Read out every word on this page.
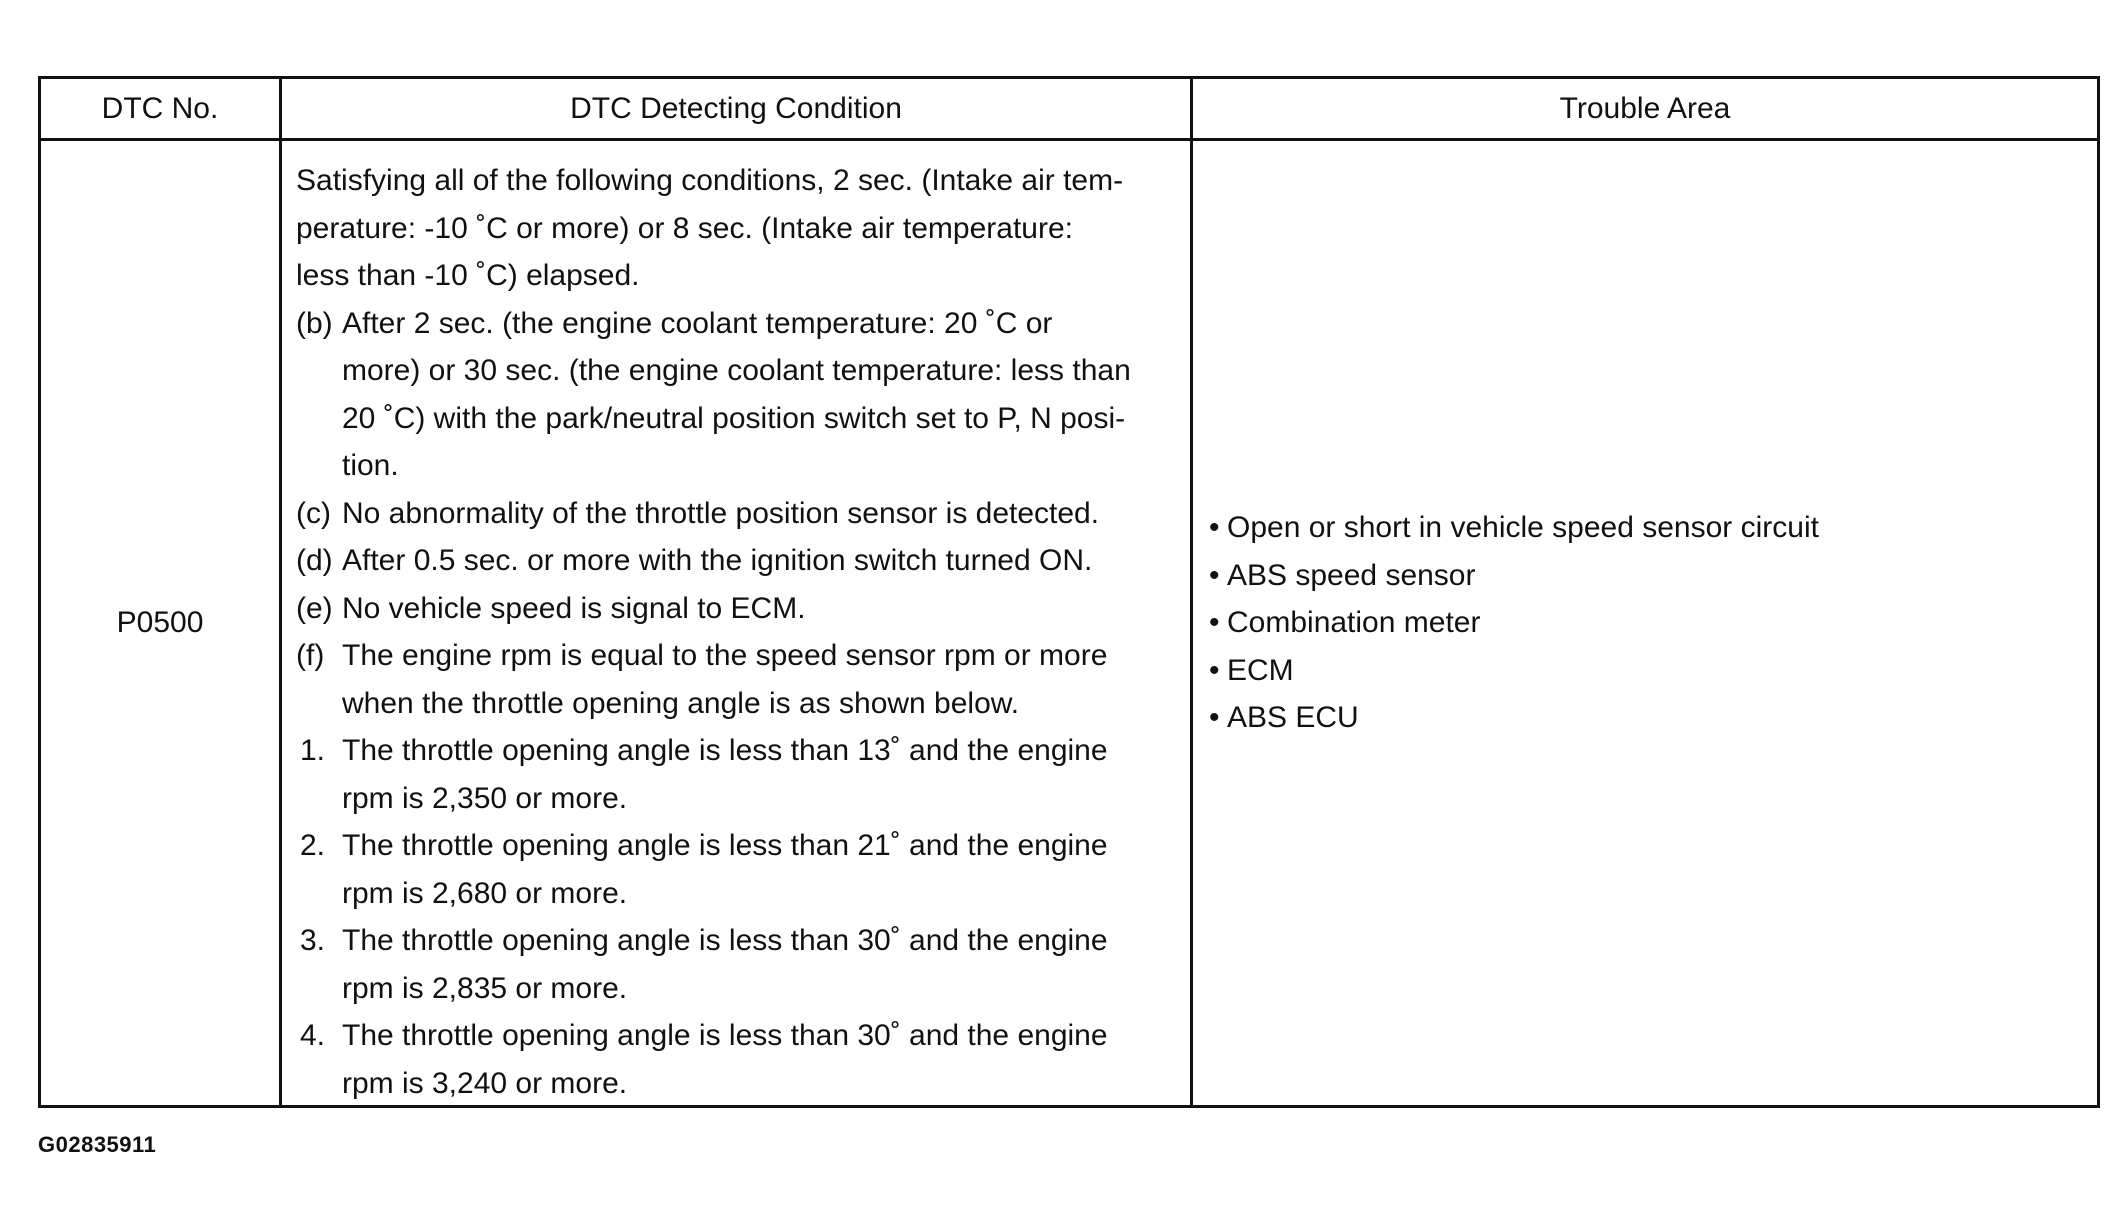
DTC No.	DTC Detecting Condition	Trouble Area
P0500
Satisfying all of the following conditions, 2 sec. (Intake air tem-
perature: -10 ˚C or more) or 8 sec. (Intake air temperature:
less than -10 ˚C) elapsed.
(b) After 2 sec. (the engine coolant temperature: 20 ˚C or
more) or 30 sec. (the engine coolant temperature: less than
20 ˚C) with the park/neutral position switch set to P, N posi-
tion.
(c) No abnormality of the throttle position sensor is detected.
(d) After 0.5 sec. or more with the ignition switch turned ON.
(e) No vehicle speed is signal to ECM.
(f) The engine rpm is equal to the speed sensor rpm or more
when the throttle opening angle is as shown below.
1. The throttle opening angle is less than 13˚ and the engine
rpm is 2,350 or more.
2. The throttle opening angle is less than 21˚ and the engine
rpm is 2,680 or more.
3. The throttle opening angle is less than 30˚ and the engine
rpm is 2,835 or more.
4. The throttle opening angle is less than 30˚ and the engine
rpm is 3,240 or more.
• Open or short in vehicle speed sensor circuit
• ABS speed sensor
• Combination meter
• ECM
• ABS ECU
G02835911
